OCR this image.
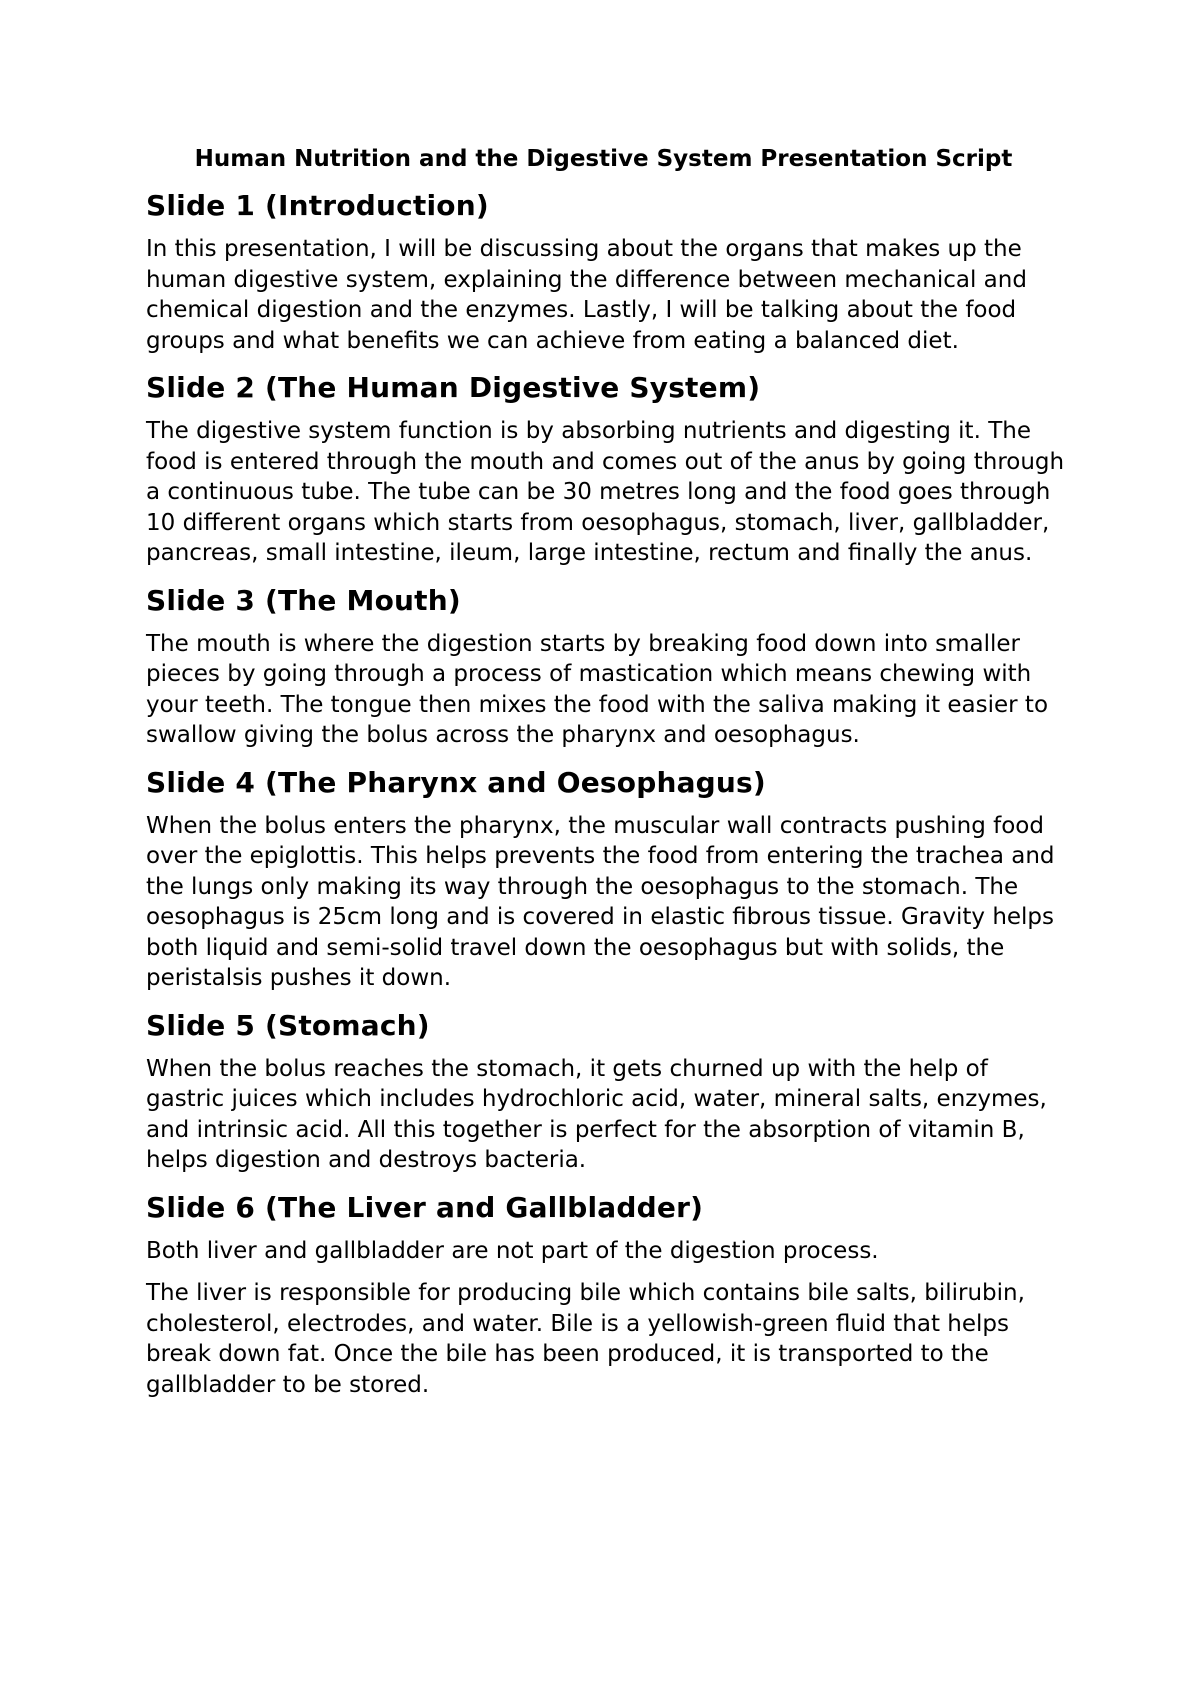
Human Nutrition and the Digestive System Presentation Script
Slide 1 (Introduction)

In this presentation, I will be discussing about the organs that makes up the human digestive system, explaining the difference between mechanical and chemical digestion and the enzymes. Lastly, I will be talking about the food groups and what benefits we can achieve from eating a balanced diet.

Slide 2 (The Human Digestive System)

The digestive system function is by absorbing nutrients and digesting it. The food is entered through the mouth and comes out of the anus by going through a continuous tube. The tube can be 30 metres long and the food goes through 10 different organs which starts from oesophagus, stomach, liver, gallbladder, pancreas, small intestine, ileum, large intestine, rectum and finally the anus.

Slide 3 (The Mouth)

The mouth is where the digestion starts by breaking food down into smaller pieces by going through a process of mastication which means chewing with your teeth. The tongue then mixes the food with the saliva making it easier to swallow giving the bolus across the pharynx and oesophagus.

Slide 4 (The Pharynx and Oesophagus)

When the bolus enters the pharynx, the muscular wall contracts pushing food over the epiglottis. This helps prevents the food from entering the trachea and the lungs only making its way through the oesophagus to the stomach. The oesophagus is 25cm long and is covered in elastic fibrous tissue. Gravity helps both liquid and semi-solid travel down the oesophagus but with solids, the peristalsis pushes it down.

Slide 5 (Stomach)

When the bolus reaches the stomach, it gets churned up with the help of gastric juices which includes hydrochloric acid, water, mineral salts, enzymes, and intrinsic acid. All this together is perfect for the absorption of vitamin B, helps digestion and destroys bacteria.

Slide 6 (The Liver and Gallbladder)

Both liver and gallbladder are not part of the digestion process.

The liver is responsible for producing bile which contains bile salts, bilirubin, cholesterol, electrodes, and water. Bile is a yellowish-green fluid that helps break down fat. Once the bile has been produced, it is transported to the gallbladder to be stored.
